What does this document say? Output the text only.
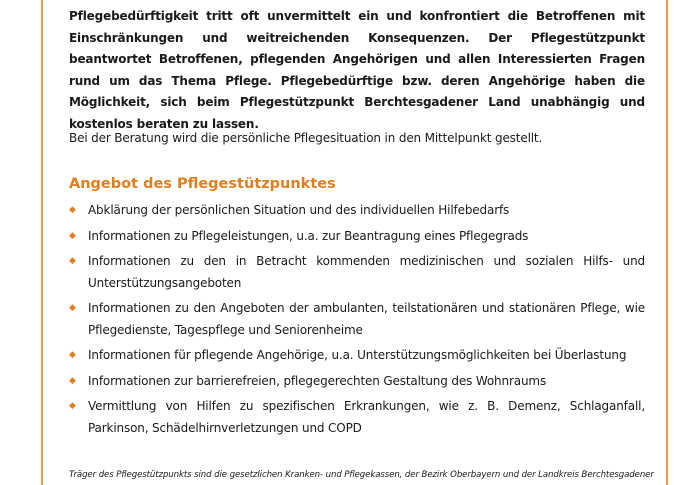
Pflegebedürftigkeit tritt oft unvermittelt ein und konfrontiert die Betroffenen mit Einschränkungen und weitreichenden Konsequenzen. Der Pflegestützpunkt beantwortet Betroffenen, pflegenden Angehörigen und allen Interessierten Fragen rund um das Thema Pflege. Pflegebedürftige bzw. deren Angehörige haben die Möglichkeit, sich beim Pflegestützpunkt Berchtesgadener Land unabhängig und kostenlos beraten zu lassen.

Bei der Beratung wird die persönliche Pflegesituation in den Mittelpunkt gestellt.

Angebot des Pflegestützpunktes
◆ Abklärung der persönlichen Situation und des individuellen Hilfebedarfs
◆ Informationen zu Pflegeleistungen, u.a. zur Beantragung eines Pflegegrads
◆ Informationen zu den in Betracht kommenden medizinischen und sozialen Hilfs- und Unterstützungsangeboten
◆ Informationen zu den Angeboten der ambulanten, teilstationären und stationären Pflege, wie Pflegedienste, Tagespflege und Seniorenheime
◆ Informationen für pflegende Angehörige, u.a. Unterstützungsmöglichkeiten bei Überlastung
◆ Informationen zur barrierefreien, pflegegerechten Gestaltung des Wohnraums
◆ Vermittlung von Hilfen zu spezifischen Erkrankungen, wie z. B. Demenz, Schlaganfall, Parkinson, Schädelhirnverletzungen und COPD

Träger des Pflegestützpunkts sind die gesetzlichen Kranken- und Pflegekassen, der Bezirk Oberbayern und der Landkreis Berchtesgadener
